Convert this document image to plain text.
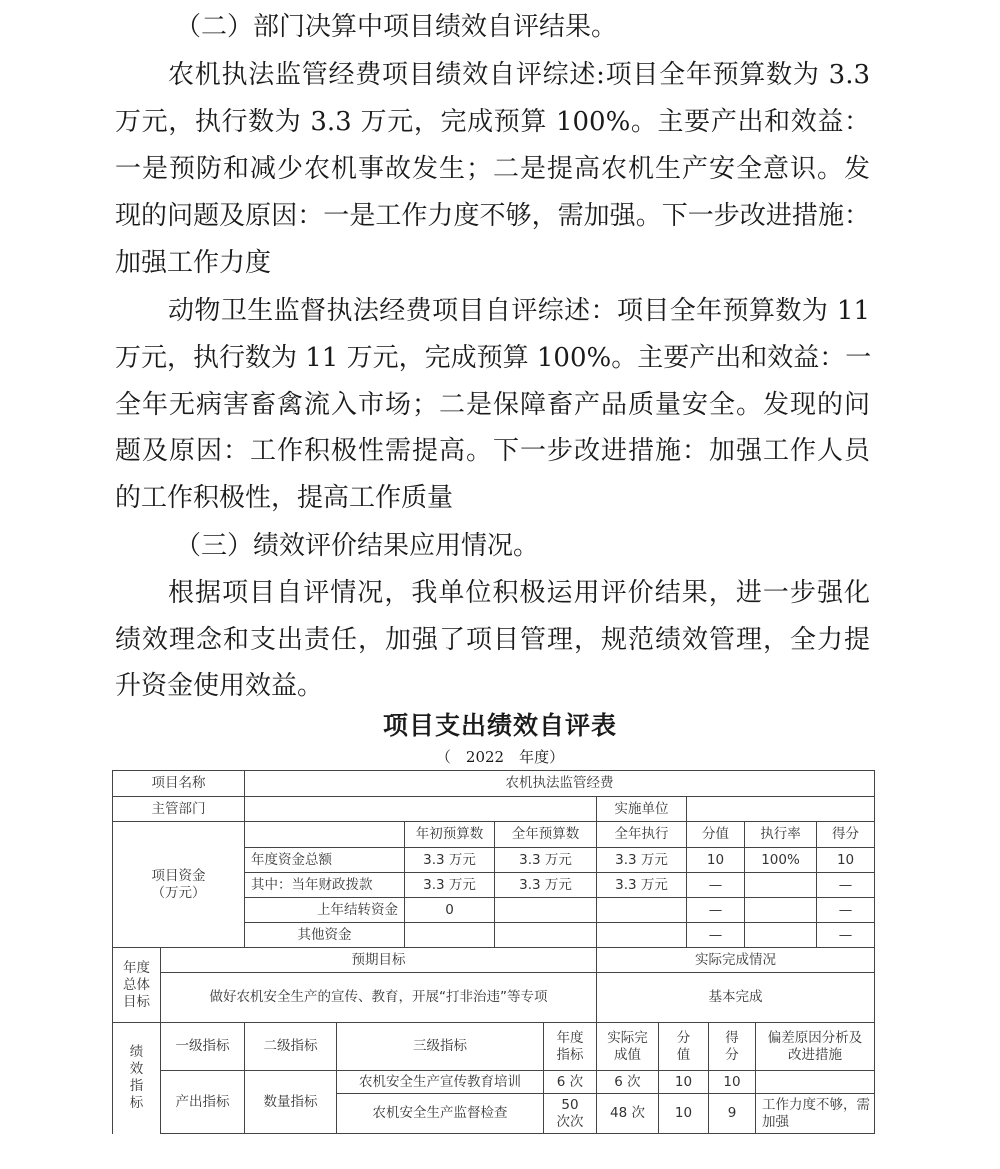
（二）部门决算中项目绩效自评结果。
农机执法监管经费项目绩效自评综述:项目全年预算数为 3.3
万元，执行数为 3.3 万元，完成预算 100%。主要产出和效益：
一是预防和减少农机事故发生；二是提高农机生产安全意识。发
现的问题及原因：一是工作力度不够，需加强。下一步改进措施：
加强工作力度
动物卫生监督执法经费项目自评综述：项目全年预算数为 11
万元，执行数为 11 万元，完成预算 100%。主要产出和效益：一
全年无病害畜禽流入市场；二是保障畜产品质量安全。发现的问
题及原因：工作积极性需提高。下一步改进措施：加强工作人员
的工作积极性，提高工作质量
（三）绩效评价结果应用情况。
根据项目自评情况，我单位积极运用评价结果，进一步强化
绩效理念和支出责任，加强了项目管理，规范绩效管理，全力提
升资金使用效益。
项目支出绩效自评表
（　2022　年度）
项目名称	农机执法监管经费						
主管部门				实施单位			
项目资金
（万元）		年初预算数	全年预算数	全年执行	分值	执行率	得分
	年度资金总额	3.3 万元	3.3 万元	3.3 万元	10	100%	10
	其中：当年财政拨款	3.3 万元	3.3 万元	3.3 万元	—		—
	上年结转资金	0			—		—
	其他资金				—		—
年度总体目标	预期目标				实际完成情况			
	做好农机安全生产的宣传、教育，开展“打非治违”等专项				基本完成			
绩效指标	一级指标	二级指标	三级指标	年度指标	实际完成值	分值	得分	偏差原因分析及改进措施
	产出指标	数量指标	农机安全生产宣传教育培训	6 次	6 次	10	10	
			农机安全生产监督检查	50 次次	48 次	10	9	工作力度不够，需加强
